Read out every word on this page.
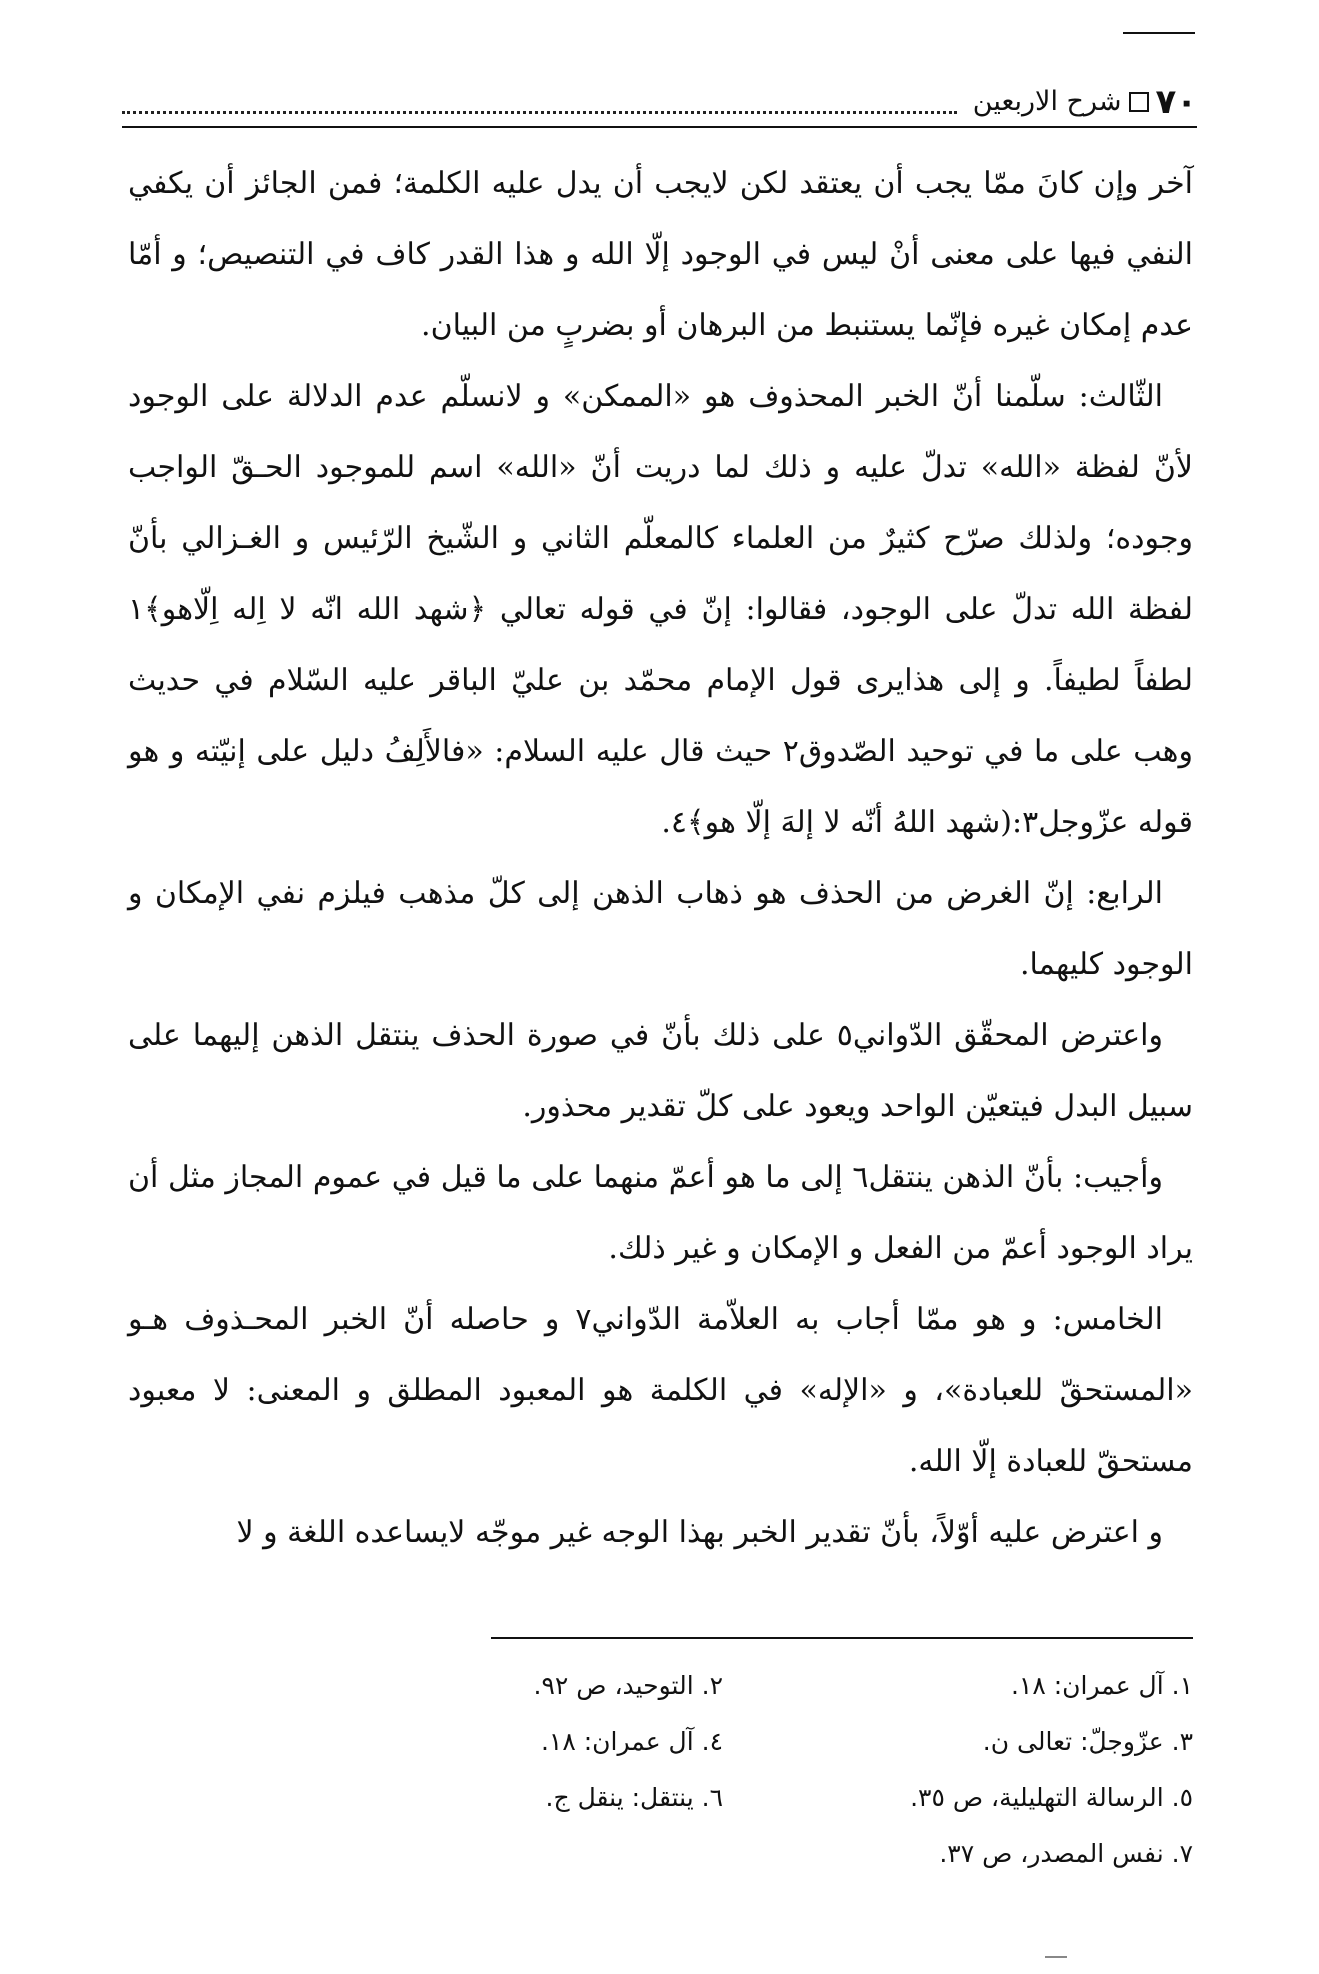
٧٠
شرح الاربعين

آخر وإن كانَ ممّا يجب أن يعتقد لكن لايجب أن يدل عليه الكلمة؛ فمن الجائز أن يكفي النفي فيها على معنى أنْ ليس في الوجود إلّا الله و هذا القدر كاف في التنصيص؛ و أمّا عدم إمكان غيره فإنّما يستنبط من البرهان أو بضربٍ من البيان.

الثّالث: سلّمنا أنّ الخبر المحذوف هو «الممكن» و لانسلّم عدم الدلالة على الوجود لأنّ لفظة «الله» تدلّ عليه و ذلك لما دريت أنّ «الله» اسم للموجود الحـقّ الواجب وجوده؛ ولذلك صرّح كثيرٌ من العلماء كالمعلّم الثاني و الشّيخ الرّئيس و الغـزالي بأنّ لفظة الله تدلّ على الوجود، فقالوا: إنّ في قوله تعالي ﴿شهد الله انّه لا اِله اِلّاهو﴾١ لطفاً لطيفاً. و إلى هذايرى قول الإمام محمّد بن عليّ الباقر عليه السّلام في حديث وهب على ما في توحيد الصّدوق٢ حيث قال عليه السلام: «فالأَلِفُ دليل على إنيّته و هو قوله عزّوجل٣:(شهد اللهُ أنّه لا إلهَ إلّا هو﴾٤.

الرابع: إنّ الغرض من الحذف هو ذهاب الذهن إلى كلّ مذهب فيلزم نفي الإمكان و الوجود كليهما.

واعترض المحقّق الدّواني٥ على ذلك بأنّ في صورة الحذف ينتقل الذهن إليهما على سبيل البدل فيتعيّن الواحد ويعود على كلّ تقدير محذور.

وأجيب: بأنّ الذهن ينتقل٦ إلى ما هو أعمّ منهما على ما قيل في عموم المجاز مثل أن يراد الوجود أعمّ من الفعل و الإمكان و غير ذلك.

الخامس: و هو ممّا أجاب به العلاّمة الدّواني٧ و حاصله أنّ الخبر المحـذوف هـو «المستحقّ للعبادة»، و «الإله» في الكلمة هو المعبود المطلق و المعنى: لا معبود مستحقّ للعبادة إلّا الله.

و اعترض عليه أوّلاً، بأنّ تقدير الخبر بهذا الوجه غير موجّه لايساعده اللغة و لا

١. آل عمران: ١٨.
٢. التوحيد، ص ٩٢.
٣. عزّوجلّ: تعالى ن.
٤. آل عمران: ١٨.
٥. الرسالة التهليلية، ص ٣٥.
٦. ينتقل: ينقل ج.
٧. نفس المصدر، ص ٣٧.
